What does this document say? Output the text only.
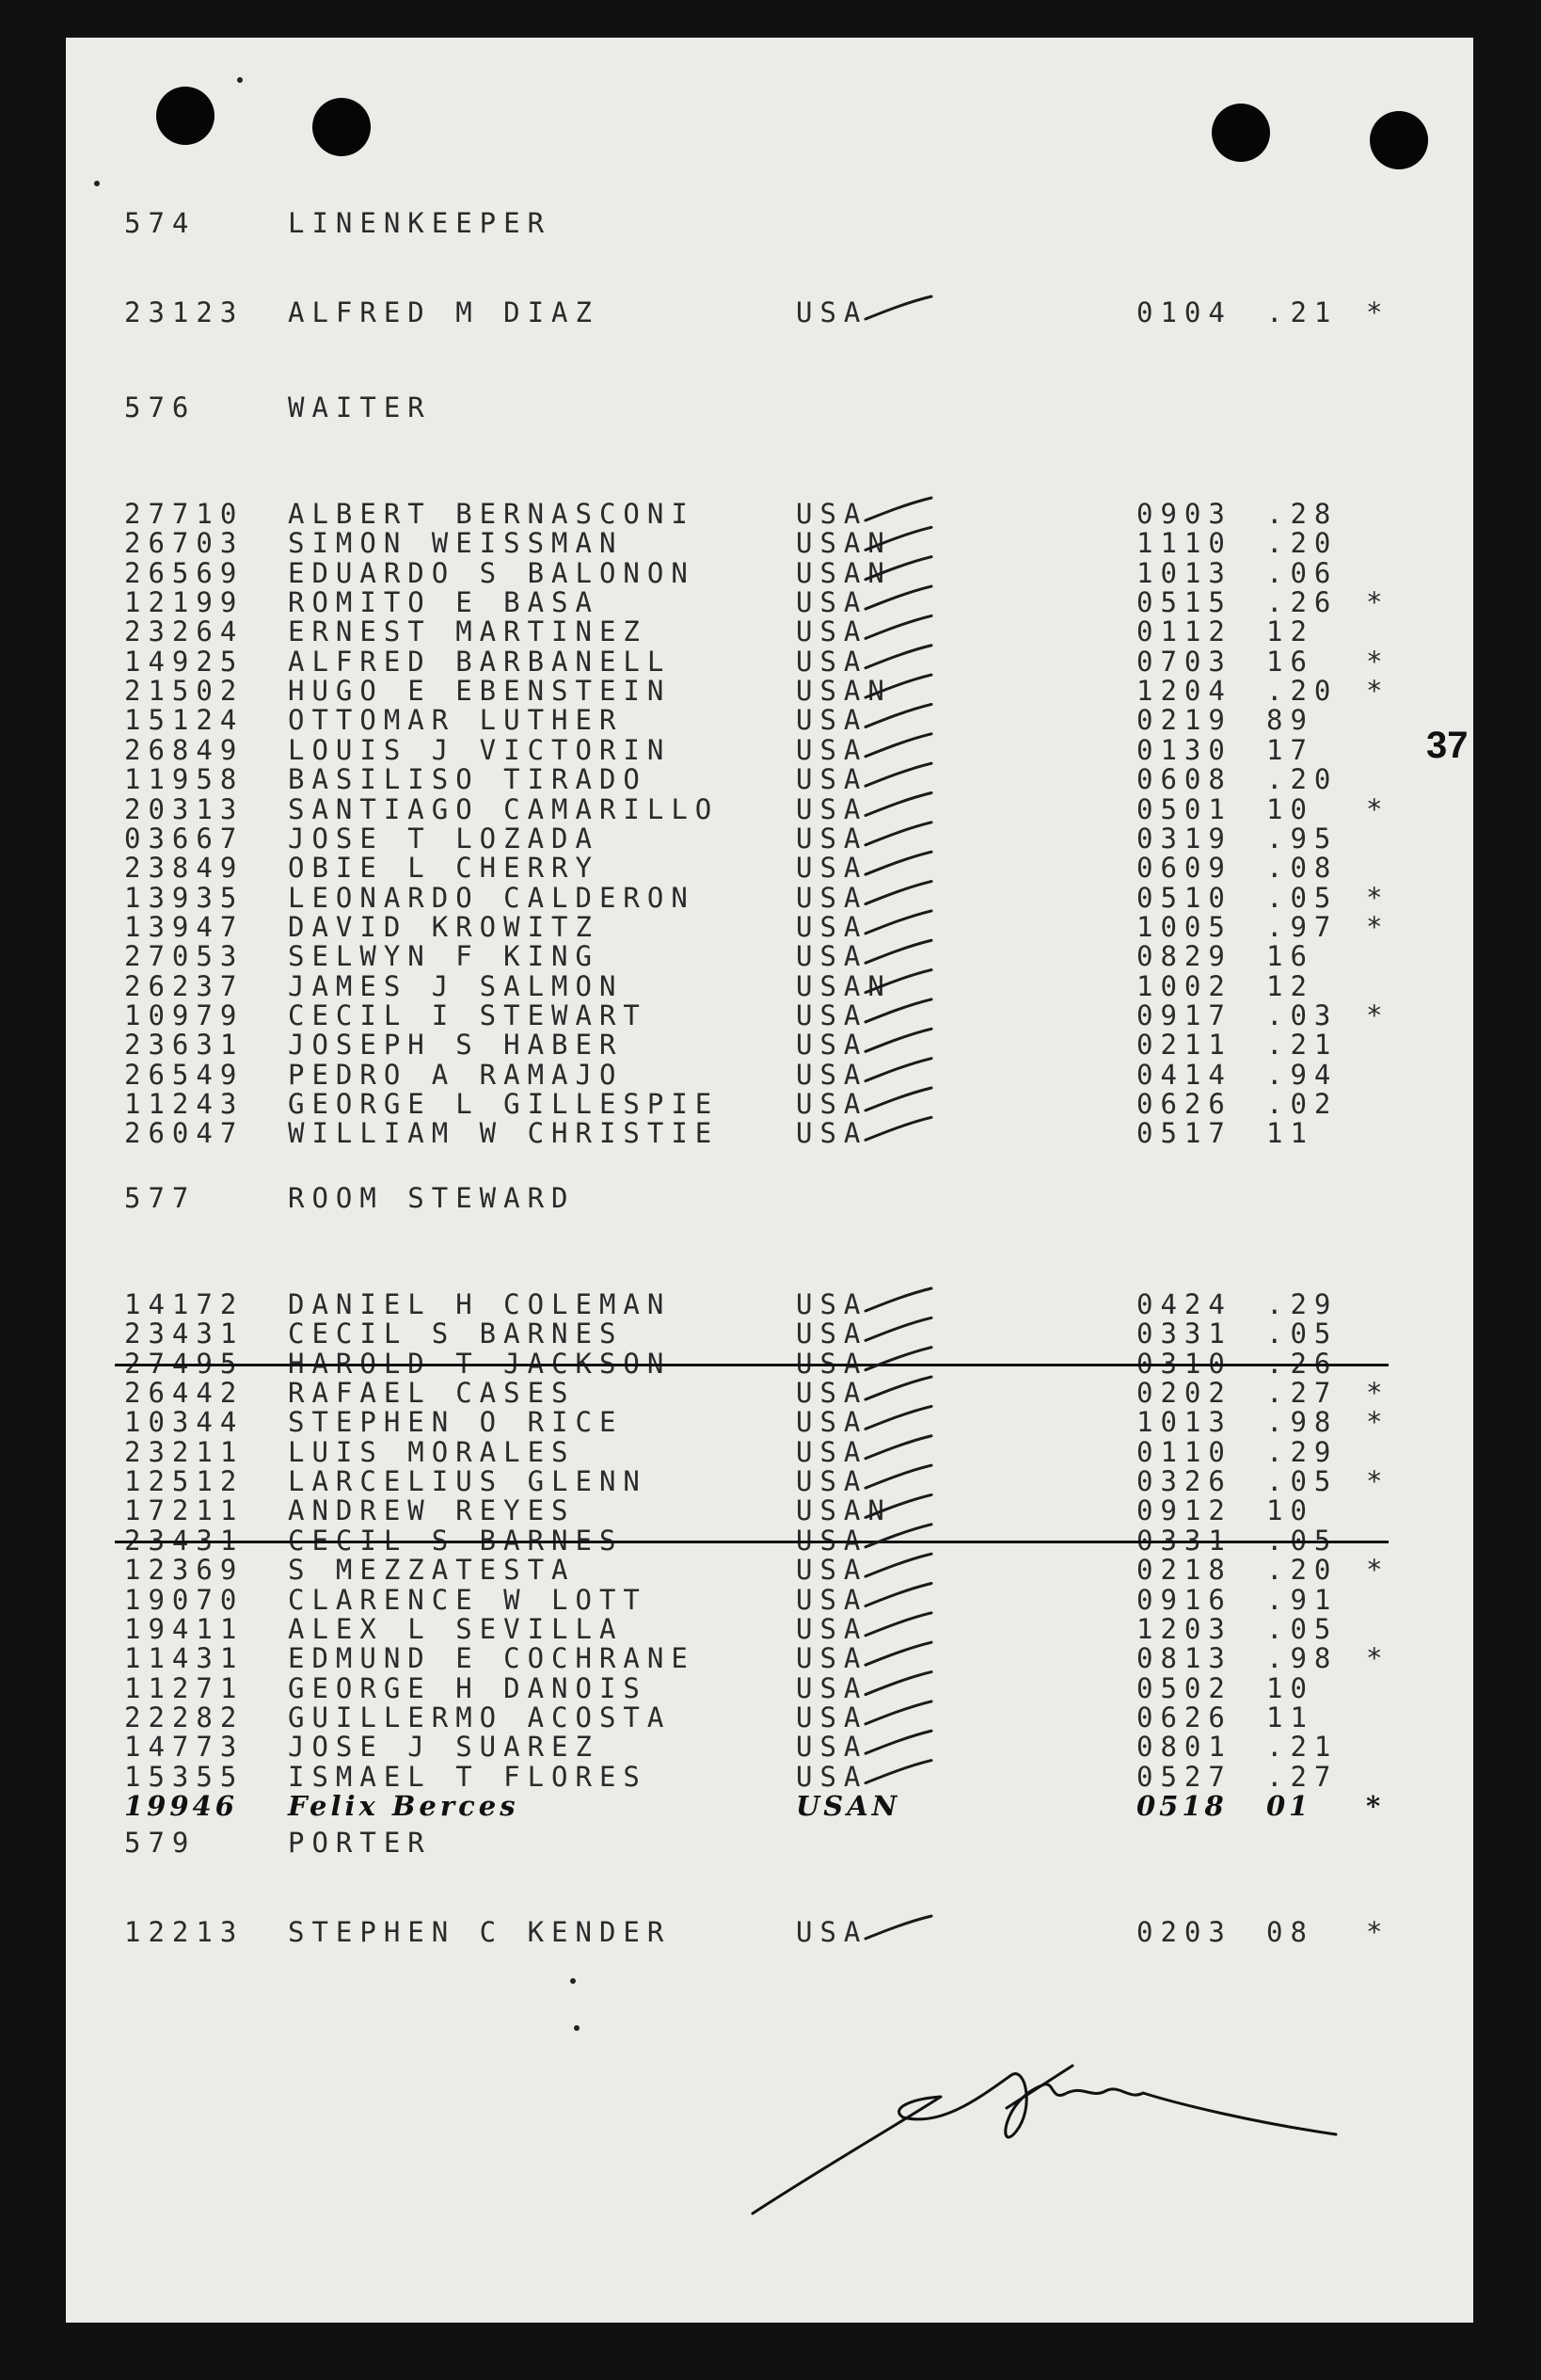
574	LINENKEEPER
23123 ALFRED M DIAZ	USA	0104 .21 *
576	WAITER
27710 ALBERT BERNASCONI	USA	0903 .28
26703 SIMON WEISSMAN	USAN	1110 .20
26569 EDUARDO S BALONON	USAN	1013 .06
12199 ROMITO E BASA	USA	0515 .26 *
23264 ERNEST MARTINEZ	USA	0112 12
14925 ALFRED BARBANELL	USA	0703 16 *
21502 HUGO E EBENSTEIN	USAN	1204 .20 *
15124 OTTOMAR LUTHER	USA	0219 89
26849 LOUIS J VICTORIN	USA	0130 17
11958 BASILISO TIRADO	USA	0608 .20
20313 SANTIAGO CAMARILLO	USA	0501 10 *
03667 JOSE T LOZADA	USA	0319 .95
23849 OBIE L CHERRY	USA	0609 .08
13935 LEONARDO CALDERON	USA	0510 .05 *
13947 DAVID KROWITZ	USA	1005 .97 *
27053 SELWYN F KING	USA	0829 16
26237 JAMES J SALMON	USAN	1002 12
10979 CECIL I STEWART	USA	0917 .03 *
23631 JOSEPH S HABER	USA	0211 .21
26549 PEDRO A RAMAJO	USA	0414 .94
11243 GEORGE L GILLESPIE	USA	0626 .02
26047 WILLIAM W CHRISTIE	USA	0517 11
577	ROOM STEWARD
14172 DANIEL H COLEMAN	USA	0424 .29
23431 CECIL S BARNES	USA	0331 .05
27495 HAROLD T JACKSON	USA	0310 .26
26442 RAFAEL CASES	USA	0202 .27 *
10344 STEPHEN O RICE	USA	1013 .98 *
23211 LUIS MORALES	USA	0110 .29
12512 LARCELIUS GLENN	USA	0326 .05 *
17211 ANDREW REYES	USAN	0912 10
23431 CECIL S BARNES	USA	0331 .05
12369 S MEZZATESTA	USA	0218 .20 *
19070 CLARENCE W LOTT	USA	0916 .91
19411 ALEX L SEVILLA	USA	1203 .05
11431 EDMUND E COCHRANE	USA	0813 .98 *
11271 GEORGE H DANOIS	USA	0502 10
22282 GUILLERMO ACOSTA	USA	0626 11
14773 JOSE J SUAREZ	USA	0801 .21
15355 ISMAEL T FLORES	USA	0527 .27
19946 Felix Berces	USAN	0518 01 *
579	PORTER
12213 STEPHEN C KENDER	USA	0203 08 *
37
